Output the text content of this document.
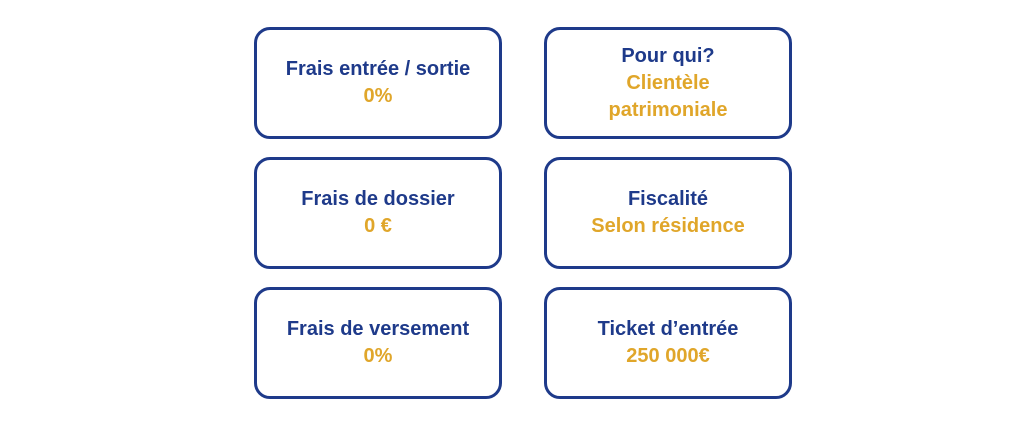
Frais entrée / sortie
0%
Pour qui?
Clientèle
patrimoniale
Frais de dossier
0 €
Fiscalité
Selon résidence
Frais de versement
0%
Ticket d’entrée
250 000€
